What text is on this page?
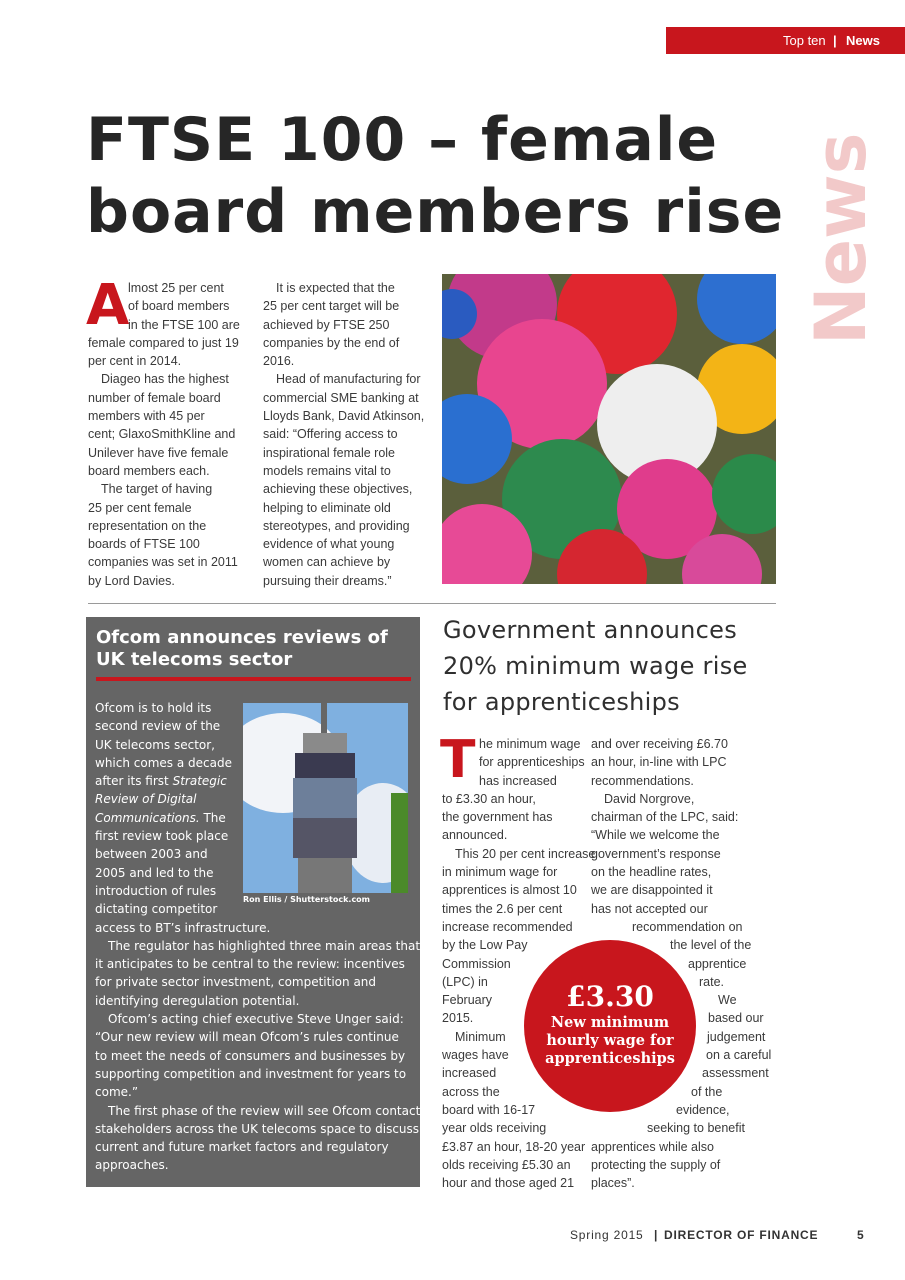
Top ten | News
News
FTSE 100 – female
board members rise
A
lmost 25 per cent
of board members
in the FTSE 100 are
female compared to just 19
per cent in 2014.
Diageo has the highest
number of female board
members with 45 per
cent; GlaxoSmithKline and
Unilever have five female
board members each.
The target of having
25 per cent female
representation on the
boards of FTSE 100
companies was set in 2011
by Lord Davies.
It is expected that the
25 per cent target will be
achieved by FTSE 250
companies by the end of
2016.
Head of manufacturing for
commercial SME banking at
Lloyds Bank, David Atkinson,
said: “Offering access to
inspirational female role
models remains vital to
achieving these objectives,
helping to eliminate old
stereotypes, and providing
evidence of what young
women can achieve by
pursuing their dreams.”
Ofcom announces reviews of
UK telecoms sector
Ron Ellis / Shutterstock.com
Ofcom is to hold its
second review of the
UK telecoms sector,
which comes a decade
after its first Strategic
Review of Digital
Communications. The
first review took place
between 2003 and
2005 and led to the
introduction of rules
dictating competitor
access to BT’s infrastructure.
The regulator has highlighted three main areas that
it anticipates to be central to the review: incentives
for private sector investment, competition and
identifying deregulation potential.
Ofcom’s acting chief executive Steve Unger said:
“Our new review will mean Ofcom’s rules continue
to meet the needs of consumers and businesses by
supporting competition and investment for years to
come.”
The first phase of the review will see Ofcom contact
stakeholders across the UK telecoms space to discuss
current and future market factors and regulatory
approaches.
Government announces
20% minimum wage rise
for apprenticeships
T he minimum wage
for apprenticeships
has increased
to £3.30 an hour,
the government has
announced.
This 20 per cent increase
in minimum wage for
apprentices is almost 10
times the 2.6 per cent
increase recommended
by the Low Pay
Commission
(LPC) in
February
2015.
Minimum
wages have
increased
across the
board with 16-17
year olds receiving
£3.87 an hour, 18-20 year
olds receiving £5.30 an
hour and those aged 21
and over receiving £6.70
an hour, in-line with LPC
recommendations.
David Norgrove,
chairman of the LPC, said:
“While we welcome the
government’s response
on the headline rates,
we are disappointed it
has not accepted our
recommendation on
the level of the
apprentice
rate.
We
based our
judgement
on a careful
assessment
of the
evidence,
seeking to benefit
apprentices while also
protecting the supply of
places”.
£3.30
New minimum
hourly wage for
apprenticeships
Spring 2015 | DIRECTOR OF FINANCE	5
